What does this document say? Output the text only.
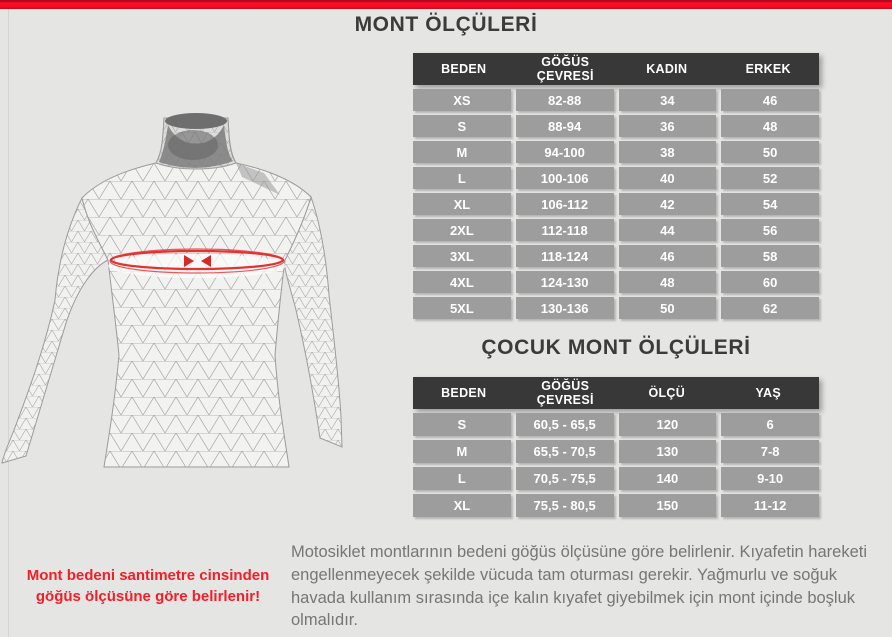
MONT ÖLÇÜLERİ
BEDEN	GÖĞÜS ÇEVRESİ	KADIN	ERKEK
XS	82-88	34	46
S	88-94	36	48
M	94-100	38	50
L	100-106	40	52
XL	106-112	42	54
2XL	112-118	44	56
3XL	118-124	46	58
4XL	124-130	48	60
5XL	130-136	50	62
ÇOCUK MONT ÖLÇÜLERİ
BEDEN	GÖĞÜS ÇEVRESİ	ÖLÇÜ	YAŞ
S	60,5 - 65,5	120	6
M	65,5 - 70,5	130	7-8
L	70,5 - 75,5	140	9-10
XL	75,5 - 80,5	150	11-12
Mont bedeni santimetre cinsinden göğüs ölçüsüne göre belirlenir!

Motosiklet montlarının bedeni göğüs ölçüsüne göre belirlenir. Kıyafetin hareketi engellenmeyecek şekilde vücuda tam oturması gerekir. Yağmurlu ve soğuk havada kullanım sırasında içe kalın kıyafet giyebilmek için mont içinde boşluk olmalıdır.
